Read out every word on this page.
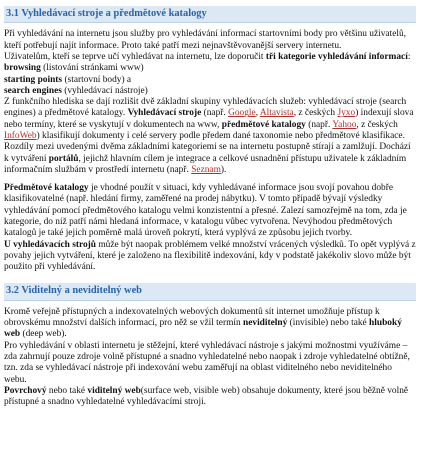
3.1 Vyhledávací stroje a předmětové katalogy

Při vyhledávání na internetu jsou služby pro vyhledávání informací startovními body pro většinu uživatelů, kteří potřebují najít informace. Proto také patří mezi nejnavštěvovanější servery internetu.

Uživatelům, kteří se teprve učí vyhledávat na internetu, lze doporučit tři kategorie vyhledávání informací:

browsing (listování stránkami www)

starting points (startovní body) a

search engines (vyhledávací nástroje)

Z funkčního hlediska se dají rozlišit dvě základní skupiny vyhledávacích služeb: vyhledávací stroje (search engines) a předmětové katalogy. Vyhledávací stroje (např. Google, Altavista, z českých Jyxo) indexují slova nebo termíny, které se vyskytují v dokumentech na www, předmětové katalogy (např. Yahoo, z českých InfoWeb) klasifikují dokumenty i celé servery podle předem dané taxonomie nebo předmětové klasifikace. Rozdíly mezi uvedenými dvěma základními kategoriemi se na internetu postupně stírají a zamlžují. Dochází k vytváření portálů, jejichž hlavním cílem je integrace a celkové usnadnění přístupu uživatele k základním informačním službám v prostředí internetu (např. Seznam).

Předmětové katalogy je vhodné použít v situaci, kdy vyhledávané informace jsou svojí povahou dobře klasifikovatelné (např. hledání firmy, zaměřené na prodej nábytku). V tomto případě bývají výsledky vyhledávání pomocí předmětového katalogu velmi konzistentní a přesné. Zalezí samozřejmě na tom, zda je kategorie, do níž patří námi hledaná informace, v katalogu vůbec vytvořena. Nevýhodou předmětových katalogů je také jejich poměrně malá úroveň pokrytí, která vyplývá ze způsobu jejich tvorby.

U vyhledávacích strojů může být naopak problémem velké množství vrácených výsledků. To opět vyplývá z povahy jejich vytváření, které je založeno na flexibilitě indexování, kdy v podstatě jakékoliv slovo může být použito při vyhledávání.

3.2 Viditelný a neviditelný web

Kromě veřejně přístupných a indexovatelných webových dokumentů sít internet umožňuje přístup k obrovskému množství dalších informací, pro něž se vžil termín neviditelný (invisible) nebo také hluboký web (deep web).

Pro vyhledávání v oblasti internetu je stěžejní, které vyhledávací nástroje s jakými možnostmi využíváme – zda zahrnují pouze zdroje volně přístupné a snadno vyhledatelné nebo naopak i zdroje vyhledatelné obtížně, tzn. zda se vyhledávací nástroje při indexování webu zaměřují na oblast viditelného nebo neviditelného webu.

Povrchový nebo také viditelný web(surface web, visible web) obsahuje dokumenty, které jsou běžně volně přístupné a snadno vyhledatelné vyhledávacími stroji.
